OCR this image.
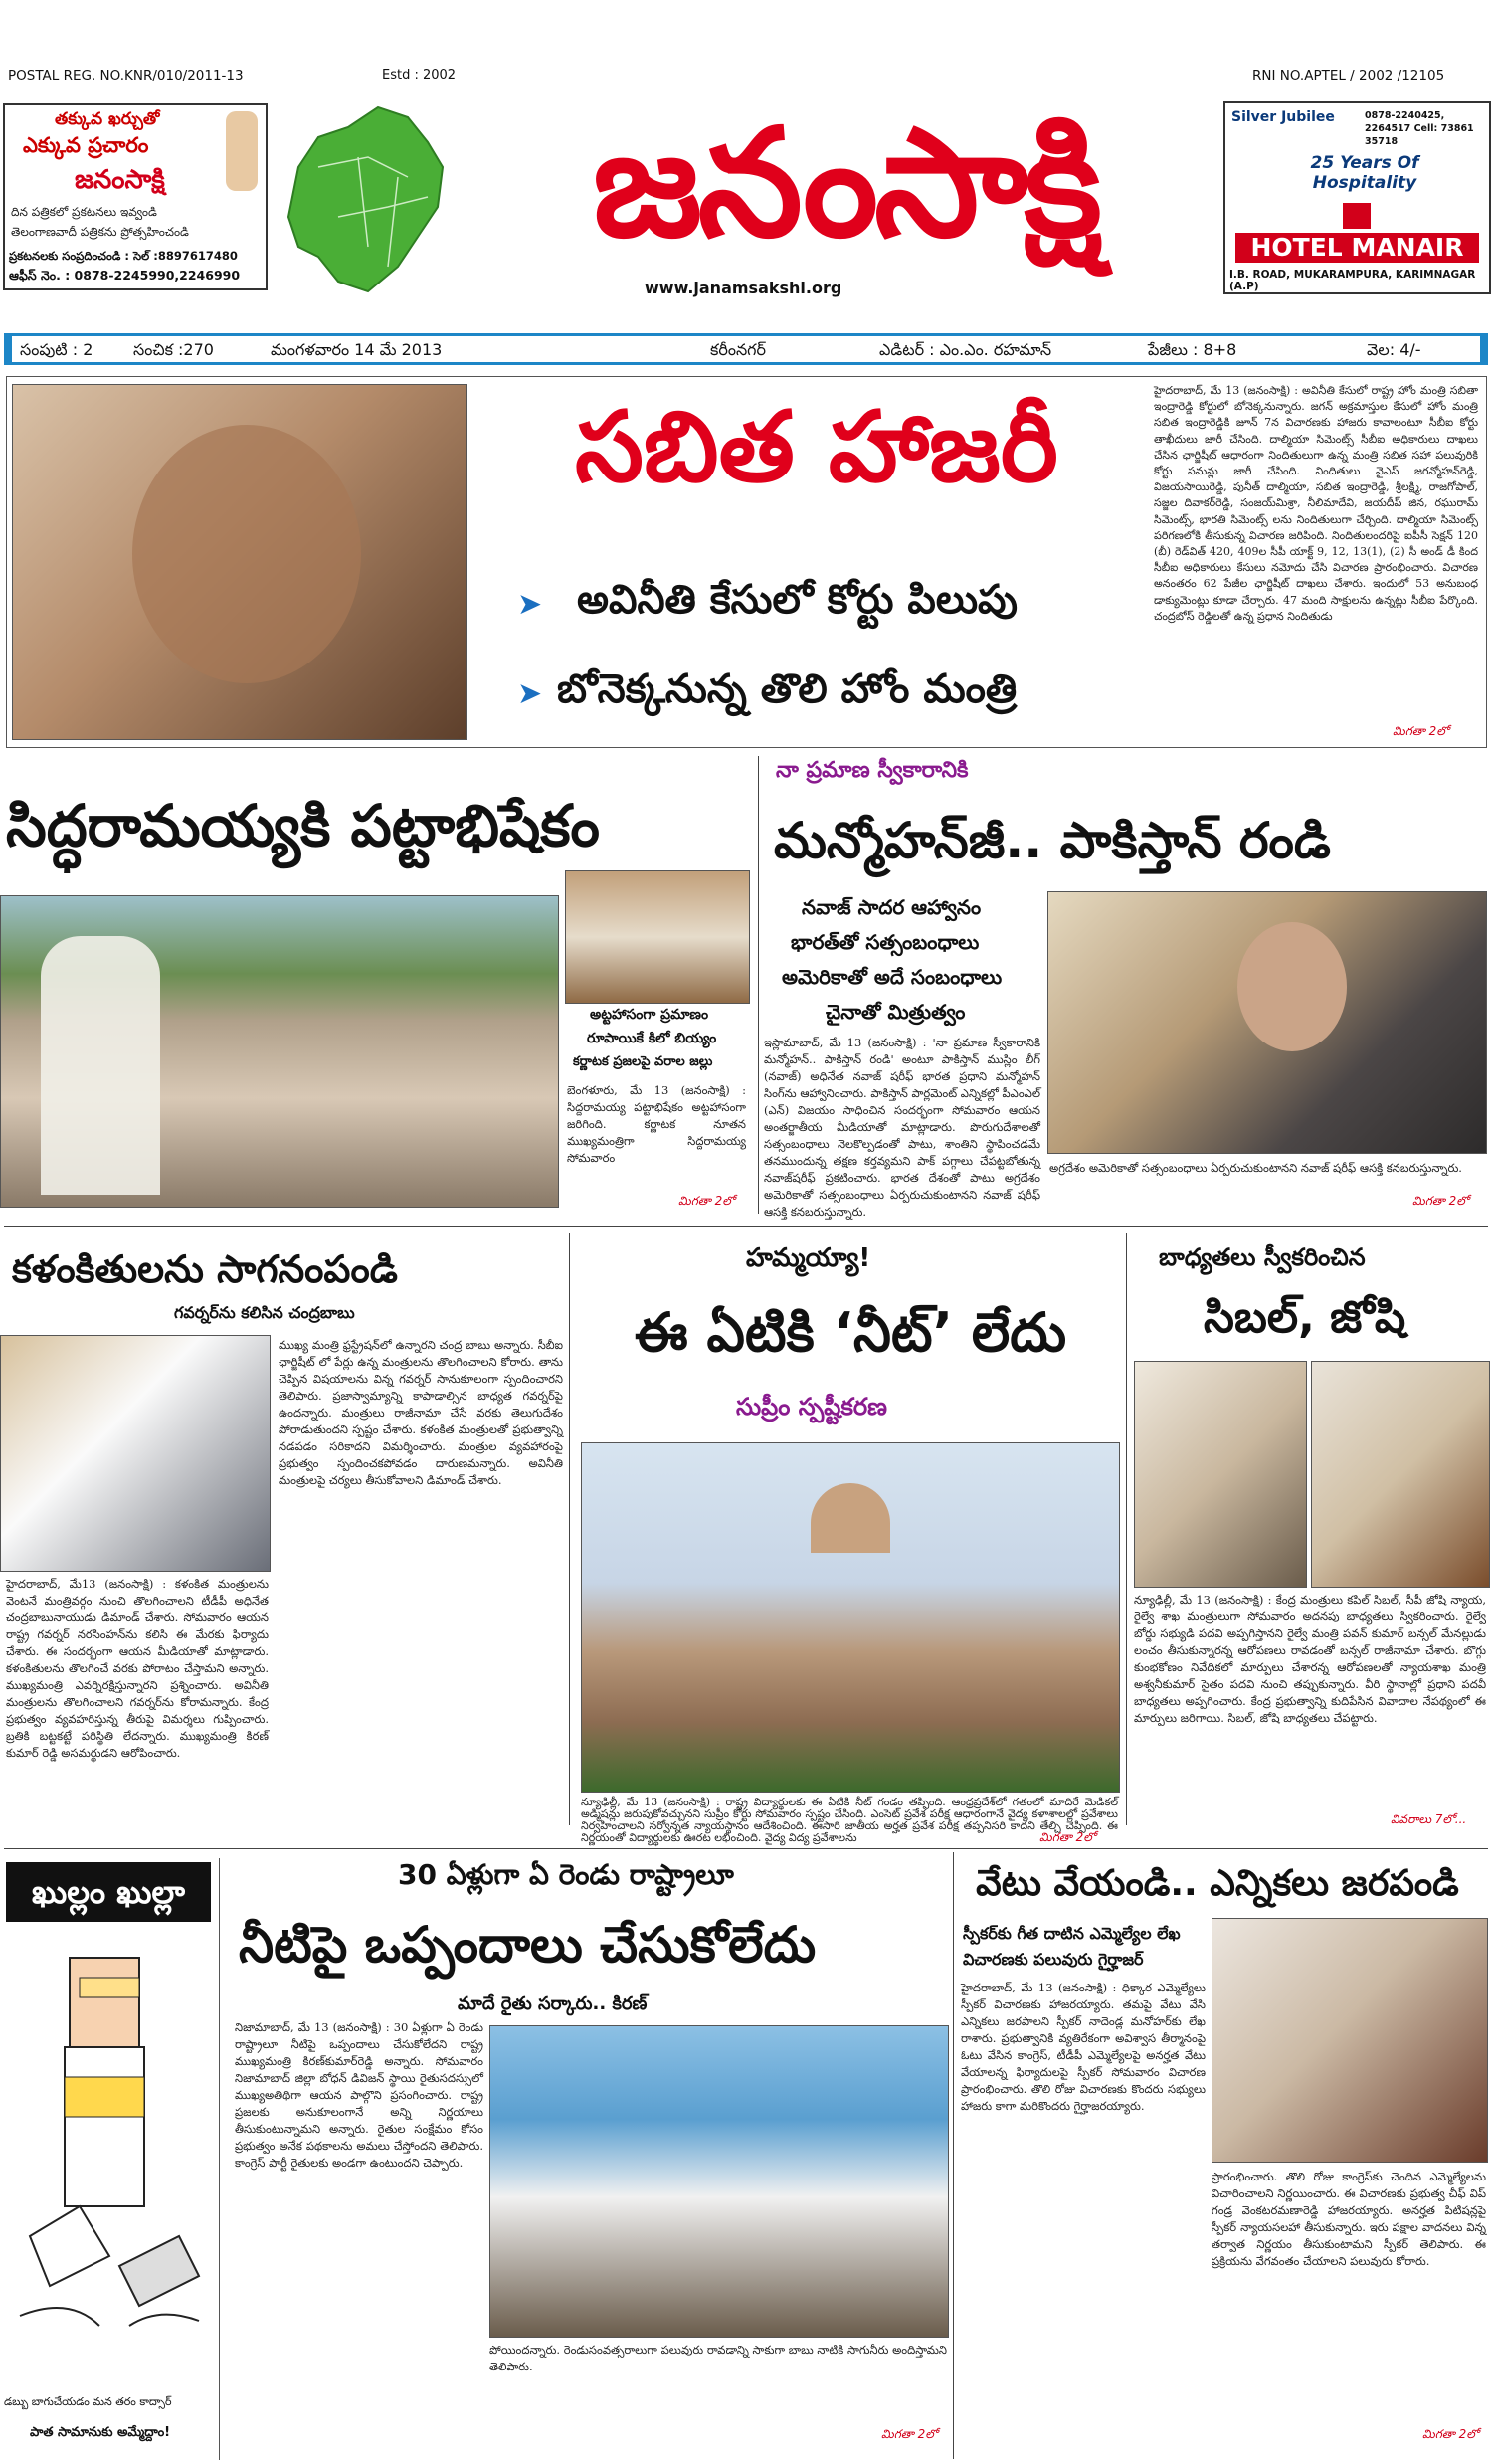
POSTAL REG. NO.KNR/010/2011-13	Estd : 2002	RNI NO.APTEL / 2002 /12105
తక్కువ ఖర్చుతో
ఎక్కువ ప్రచారం
జనంసాక్షి
దిన పత్రికలో ప్రకటనలు ఇవ్వండి
తెలంగాణవాదీ పత్రికను ప్రోత్సహించండి
ప్రకటనలకు సంప్రదించండి : సెల్ :8897617480
ఆఫీస్ నెం. : 0878-2245990,2246990
జనంసాక్షి
www.janamsakshi.org
Silver Jubilee	0878-2240425, 2264517 Cell: 73861 35718
25 Years Of Hospitality
HOTEL MANAIR
I.B. ROAD, MUKARAMPURA, KARIMNAGAR (A.P)
సంపుటి : 2	సంచిక :270	మంగళవారం 14 మే 2013	కరీంనగర్	ఎడిటర్ : ఎం.ఎం. రహమాన్	పేజీలు : 8+8	వెల: 4/-
సబిత హాజరీ
➤ అవినీతి కేసులో కోర్టు పిలుపు
➤ బోనెక్కనున్న తొలి హోం మంత్రి
హైదరాబాద్, మే 13 (జనంసాక్షి) : అవినీతి కేసులో రాష్ట్ర హోం మంత్రి సబితా ఇంద్రారెడ్డి కోర్టులో బోనెక్కనున్నారు. జగన్ అక్రమాస్తుల కేసులో హోం మంత్రి సబిత ఇంద్రారెడ్డికి జూన్ 7న విచారణకు హాజరు కావాలంటూ సీబీఐ కోర్టు తాఖీదులు జారీ చేసింది. దాల్మియా సిమెంట్స్ సీబీఐ అధికారులు దాఖలు చేసిన ఛార్జిషీట్ ఆధారంగా నిందితులుగా ఉన్న మంత్రి సబిత సహా పలువురికి కోర్టు సమన్లు జారీ చేసింది. నిందితులు వైఎస్ జగన్మోహన్‌రెడ్డి, విజయసాయిరెడ్డి, పునీత్ దాల్మియా, సబిత ఇంద్రారెడ్డి, శ్రీలక్ష్మి, రాజగోపాల్, సజ్జల దివాకర్‌రెడ్డి, సంజయ్‌మిశ్రా, నీలిమాదేవి, జయదీప్ జిన, రఘురామ్ సిమెంట్స్, భారతి సిమెంట్స్ లను నిందితులుగా చేర్చింది. దాల్మియా సిమెంట్స్ పరిగణలోకి తీసుకున్న విచారణ జరిపింది. నిందితులందరిపై ఐపీసీ సెక్షన్ 120 (బీ) రెడ్‌విత్ 420, 409ల సీపీ యాక్ట్ 9, 12, 13(1), (2) సీ అండ్ డీ కింద సీబీఐ అధికారులు కేసులు నమోదు చేసి విచారణ ప్రారంభించారు. విచారణ అనంతరం 62 పేజీల ఛార్జిషీట్ దాఖలు చేశారు. ఇందులో 53 అనుబంధ డాక్యుమెంట్లు కూడా చేర్చారు. 47 మంది సాక్షులను ఉన్నట్లు సీబీఐ పేర్కొంది. చంద్రబోస్ రెడ్డిలతో ఉన్న ప్రధాన నిందితుడు
మిగతా 2లో
సిద్ధరామయ్యకి పట్టాభిషేకం
అట్టహాసంగా ప్రమాణం
రూపాయికే కిలో బియ్యం
కర్ణాటక ప్రజలపై వరాల జల్లు
బెంగళూరు, మే 13 (జనంసాక్షి) : సిద్దరామయ్య పట్టాభిషేకం అట్టహాసంగా జరిగింది. కర్ణాటక నూతన ముఖ్యమంత్రిగా సిద్దరామయ్య సోమవారం
మిగతా 2లో
నా ప్రమాణ స్వీకారానికి
మన్మోహన్‌జీ.. పాకిస్తాన్ రండి
నవాజ్ సాదర ఆహ్వానం
భారత్‌తో సత్సంబంధాలు
అమెరికాతో అదే సంబంధాలు
చైనాతో మిత్రుత్వం
ఇస్లామాబాద్, మే 13 (జనంసాక్షి) : 'నా ప్రమాణ స్వీకారానికి మన్మోహన్.. పాకిస్తాన్ రండి' అంటూ పాకిస్తాన్ ముస్లిం లీగ్ (నవాజ్) అధినేత నవాజ్ షరీఫ్ భారత ప్రధాని మన్మోహన్ సింగ్‌ను ఆహ్వానించారు. పాకిస్తాన్ పార్లమెంట్ ఎన్నికల్లో పీఎంఎల్ (ఎన్) విజయం సాధించిన సందర్భంగా సోమవారం ఆయన అంతర్జాతీయ మీడియాతో మాట్లాడారు. పొరుగుదేశాలతో సత్సంబంధాలు నెలకొల్పడంతో పాటు, శాంతిని స్థాపించడమే తనముందున్న తక్షణ కర్తవ్యమని పాక్ పగ్గాలు చేపట్టబోతున్న నవాజ్‌షరీఫ్ ప్రకటించారు. భారత దేశంతో పాటు అగ్రదేశం అమెరికాతో సత్సంబంధాలు ఏర్పరుచుకుంటానని నవాజ్ షరీఫ్ ఆసక్తి కనబరుస్తున్నారు.
అగ్రదేశం అమెరికాతో సత్సంబంధాలు ఏర్పరుచుకుంటానని నవాజ్ షరీఫ్ ఆసక్తి కనబరుస్తున్నారు.
మిగతా 2లో
కళంకితులను సాగనంపండి
గవర్నర్‌ను కలిసిన చంద్రబాబు
హైదరాబాద్, మే13 (జనంసాక్షి) : కళంకిత మంత్రులను వెంటనే మంత్రివర్గం నుంచి తొలగించాలని టీడీపీ అధినేత చంద్రబాబునాయుడు డిమాండ్ చేశారు. సోమవారం ఆయన రాష్ట్ర గవర్నర్ నరసింహన్‌ను కలిసి ఈ మేరకు ఫిర్యాదు చేశారు. ఈ సందర్భంగా ఆయన మీడియాతో మాట్లాడారు. కళంకితులను తొలగించే వరకు పోరాటం చేస్తామని అన్నారు. ముఖ్యమంత్రి ఎవర్నిరక్షిస్తున్నారని ప్రశ్నించారు. అవినీతి మంత్రులను తొలగించాలని గవర్నర్‌ను కోరామన్నారు. కేంద్ర ప్రభుత్వం వ్యవహరిస్తున్న తీరుపై విమర్శలు గుప్పించారు. బ్రతికి బట్టకట్టే పరిస్థితి లేదన్నారు. ముఖ్యమంత్రి కిరణ్ కుమార్ రెడ్డి అసమర్థుడని ఆరోపించారు.
ముఖ్య మంత్రి ఫ్రస్ట్రేషన్‌లో ఉన్నారని చంద్ర బాబు అన్నారు. సీబీఐ ఛార్జిషీట్ లో పేర్లు ఉన్న మంత్రులను తొలగించాలని కోరారు. తాను చెప్పిన విషయాలను విన్న గవర్నర్ సానుకూలంగా స్పందించారని తెలిపారు. ప్రజాస్వామ్యాన్ని కాపాడాల్సిన బాధ్యత గవర్నర్‌పై ఉందన్నారు. మంత్రులు రాజీనామా చేసే వరకు తెలుగుదేశం పోరాడుతుందని స్పష్టం చేశారు. కళంకిత మంత్రులతో ప్రభుత్వాన్ని నడపడం సరికాదని విమర్శించారు. మంత్రుల వ్యవహారంపై ప్రభుత్వం స్పందించకపోవడం దారుణమన్నారు. అవినీతి మంత్రులపై చర్యలు తీసుకోవాలని డిమాండ్ చేశారు.
హమ్మయ్యా!
ఈ ఏటికి ‘నీట్’ లేదు
సుప్రీం స్పష్టీకరణ
న్యూఢిల్లీ, మే 13 (జనంసాక్షి) : రాష్ట్ర విద్యార్థులకు ఈ ఏటికి నీట్ గండం తప్పింది. ఆంధ్రప్రదేశ్‌లో గతంలో మాదిరే మెడికల్ అడ్మిషన్లు జరుపుకోవచ్చునని సుప్రీం కోర్టు సోమవారం స్పష్టం చేసింది. ఎంసెట్ ప్రవేశ పరీక్ష ఆధారంగానే వైద్య కళాశాలల్లో ప్రవేశాలు నిర్వహించాలని సర్వోన్నత న్యాయస్థానం ఆదేశించింది. ఈసారి జాతీయ అర్హత ప్రవేశ పరీక్ష తప్పనిసరి కాదని తేల్చి చెప్పింది. ఈ నిర్ణయంతో విద్యార్థులకు ఊరట లభించింది. వైద్య విద్య ప్రవేశాలను	మిగతా 2లో
బాధ్యతలు స్వీకరించిన
సిబల్, జోషి
న్యూఢిల్లీ, మే 13 (జనంసాక్షి) : కేంద్ర మంత్రులు కపిల్ సిబల్, సీపీ జోషి న్యాయ, రైల్వే శాఖ మంత్రులుగా సోమవారం అదనపు బాధ్యతలు స్వీకరించారు. రైల్వే బోర్డు సభ్యుడి పదవి అప్పగిస్తానని రైల్వే మంత్రి పవన్ కుమార్ బన్సల్ మేనల్లుడు లంచం తీసుకున్నారన్న ఆరోపణలు రావడంతో బన్సల్ రాజీనామా చేశారు. బొగ్గు కుంభకోణం నివేదికలో మార్పులు చేశారన్న ఆరోపణలతో న్యాయశాఖ మంత్రి అశ్వనీకుమార్ సైతం పదవి నుంచి తప్పుకున్నారు. వీరి స్థానాల్లో ప్రధాని పదవీ బాధ్యతలు అప్పగించారు. కేంద్ర ప్రభుత్వాన్ని కుదిపేసిన వివాదాల నేపథ్యంలో ఈ మార్పులు జరిగాయి. సిబల్, జోషి బాధ్యతలు చేపట్టారు.
వివరాలు 7లో...
ఖుల్లం ఖుల్లా
డబ్బు బాగుచేయడం మన తరం కాద్సార్
పాత సామానుకు అమ్మేద్దాం!
30 ఏళ్లుగా ఏ రెండు రాష్ట్రాలూ
నీటిపై ఒప్పందాలు చేసుకోలేదు
మాదే రైతు సర్కారు.. కిరణ్
నిజామాబాద్, మే 13 (జనంసాక్షి) : 30 ఏళ్లుగా ఏ రెండు రాష్ట్రాలూ నీటిపై ఒప్పందాలు చేసుకోలేదని రాష్ట్ర ముఖ్యమంత్రి కిరణ్‌కుమార్‌రెడ్డి అన్నారు. సోమవారం నిజామాబాద్ జిల్లా బోధన్ డివిజన్ స్థాయి రైతుసదస్సులో ముఖ్యఅతిథిగా ఆయన పాల్గొని ప్రసంగించారు. రాష్ట్ర ప్రజలకు అనుకూలంగానే అన్ని నిర్ణయాలు తీసుకుంటున్నామని అన్నారు. రైతుల సంక్షేమం కోసం ప్రభుత్వం అనేక పథకాలను అమలు చేస్తోందని తెలిపారు. కాంగ్రెస్ పార్టీ రైతులకు అండగా ఉంటుందని చెప్పారు.
పోయిందన్నారు. రెండుసంవత్సరాలుగా పలువురు రావడాన్ని సాకుగా బాబు నాటికి సాగునీరు అందిస్తామని తెలిపారు.
మిగతా 2లో
వేటు వేయండి.. ఎన్నికలు జరపండి
స్పీకర్‌కు గీత దాటిన ఎమ్మెల్యేల లేఖ
విచారణకు పలువురు గైర్హాజర్
హైదరాబాద్, మే 13 (జనంసాక్షి) : ధిక్కార ఎమ్మెల్యేలు స్పీకర్ విచారణకు హాజరయ్యారు. తమపై వేటు వేసి ఎన్నికలు జరపాలని స్పీకర్ నాదెండ్ల మనోహర్‌కు లేఖ రాశారు. ప్రభుత్వానికి వ్యతిరేకంగా అవిశ్వాస తీర్మానంపై ఓటు వేసిన కాంగ్రెస్, టీడీపీ ఎమ్మెల్యేలపై అనర్హత వేటు వేయాలన్న ఫిర్యాదులపై స్పీకర్ సోమవారం విచారణ ప్రారంభించారు. తొలి రోజు విచారణకు కొందరు సభ్యులు హాజరు కాగా మరికొందరు గైర్హాజరయ్యారు.
ప్రారంభించారు. తొలి రోజు కాంగ్రెస్‌కు చెందిన ఎమ్మెల్యేలను విచారించాలని నిర్ణయించారు. ఈ విచారణకు ప్రభుత్వ చీఫ్ విప్ గండ్ర వెంకటరమణారెడ్డి హాజరయ్యారు. అనర్హత పిటిషన్లపై స్పీకర్ న్యాయసలహా తీసుకున్నారు. ఇరు పక్షాల వాదనలు విన్న తర్వాత నిర్ణయం తీసుకుంటామని స్పీకర్ తెలిపారు. ఈ ప్రక్రియను వేగవంతం చేయాలని పలువురు కోరారు.
మిగతా 2లో
